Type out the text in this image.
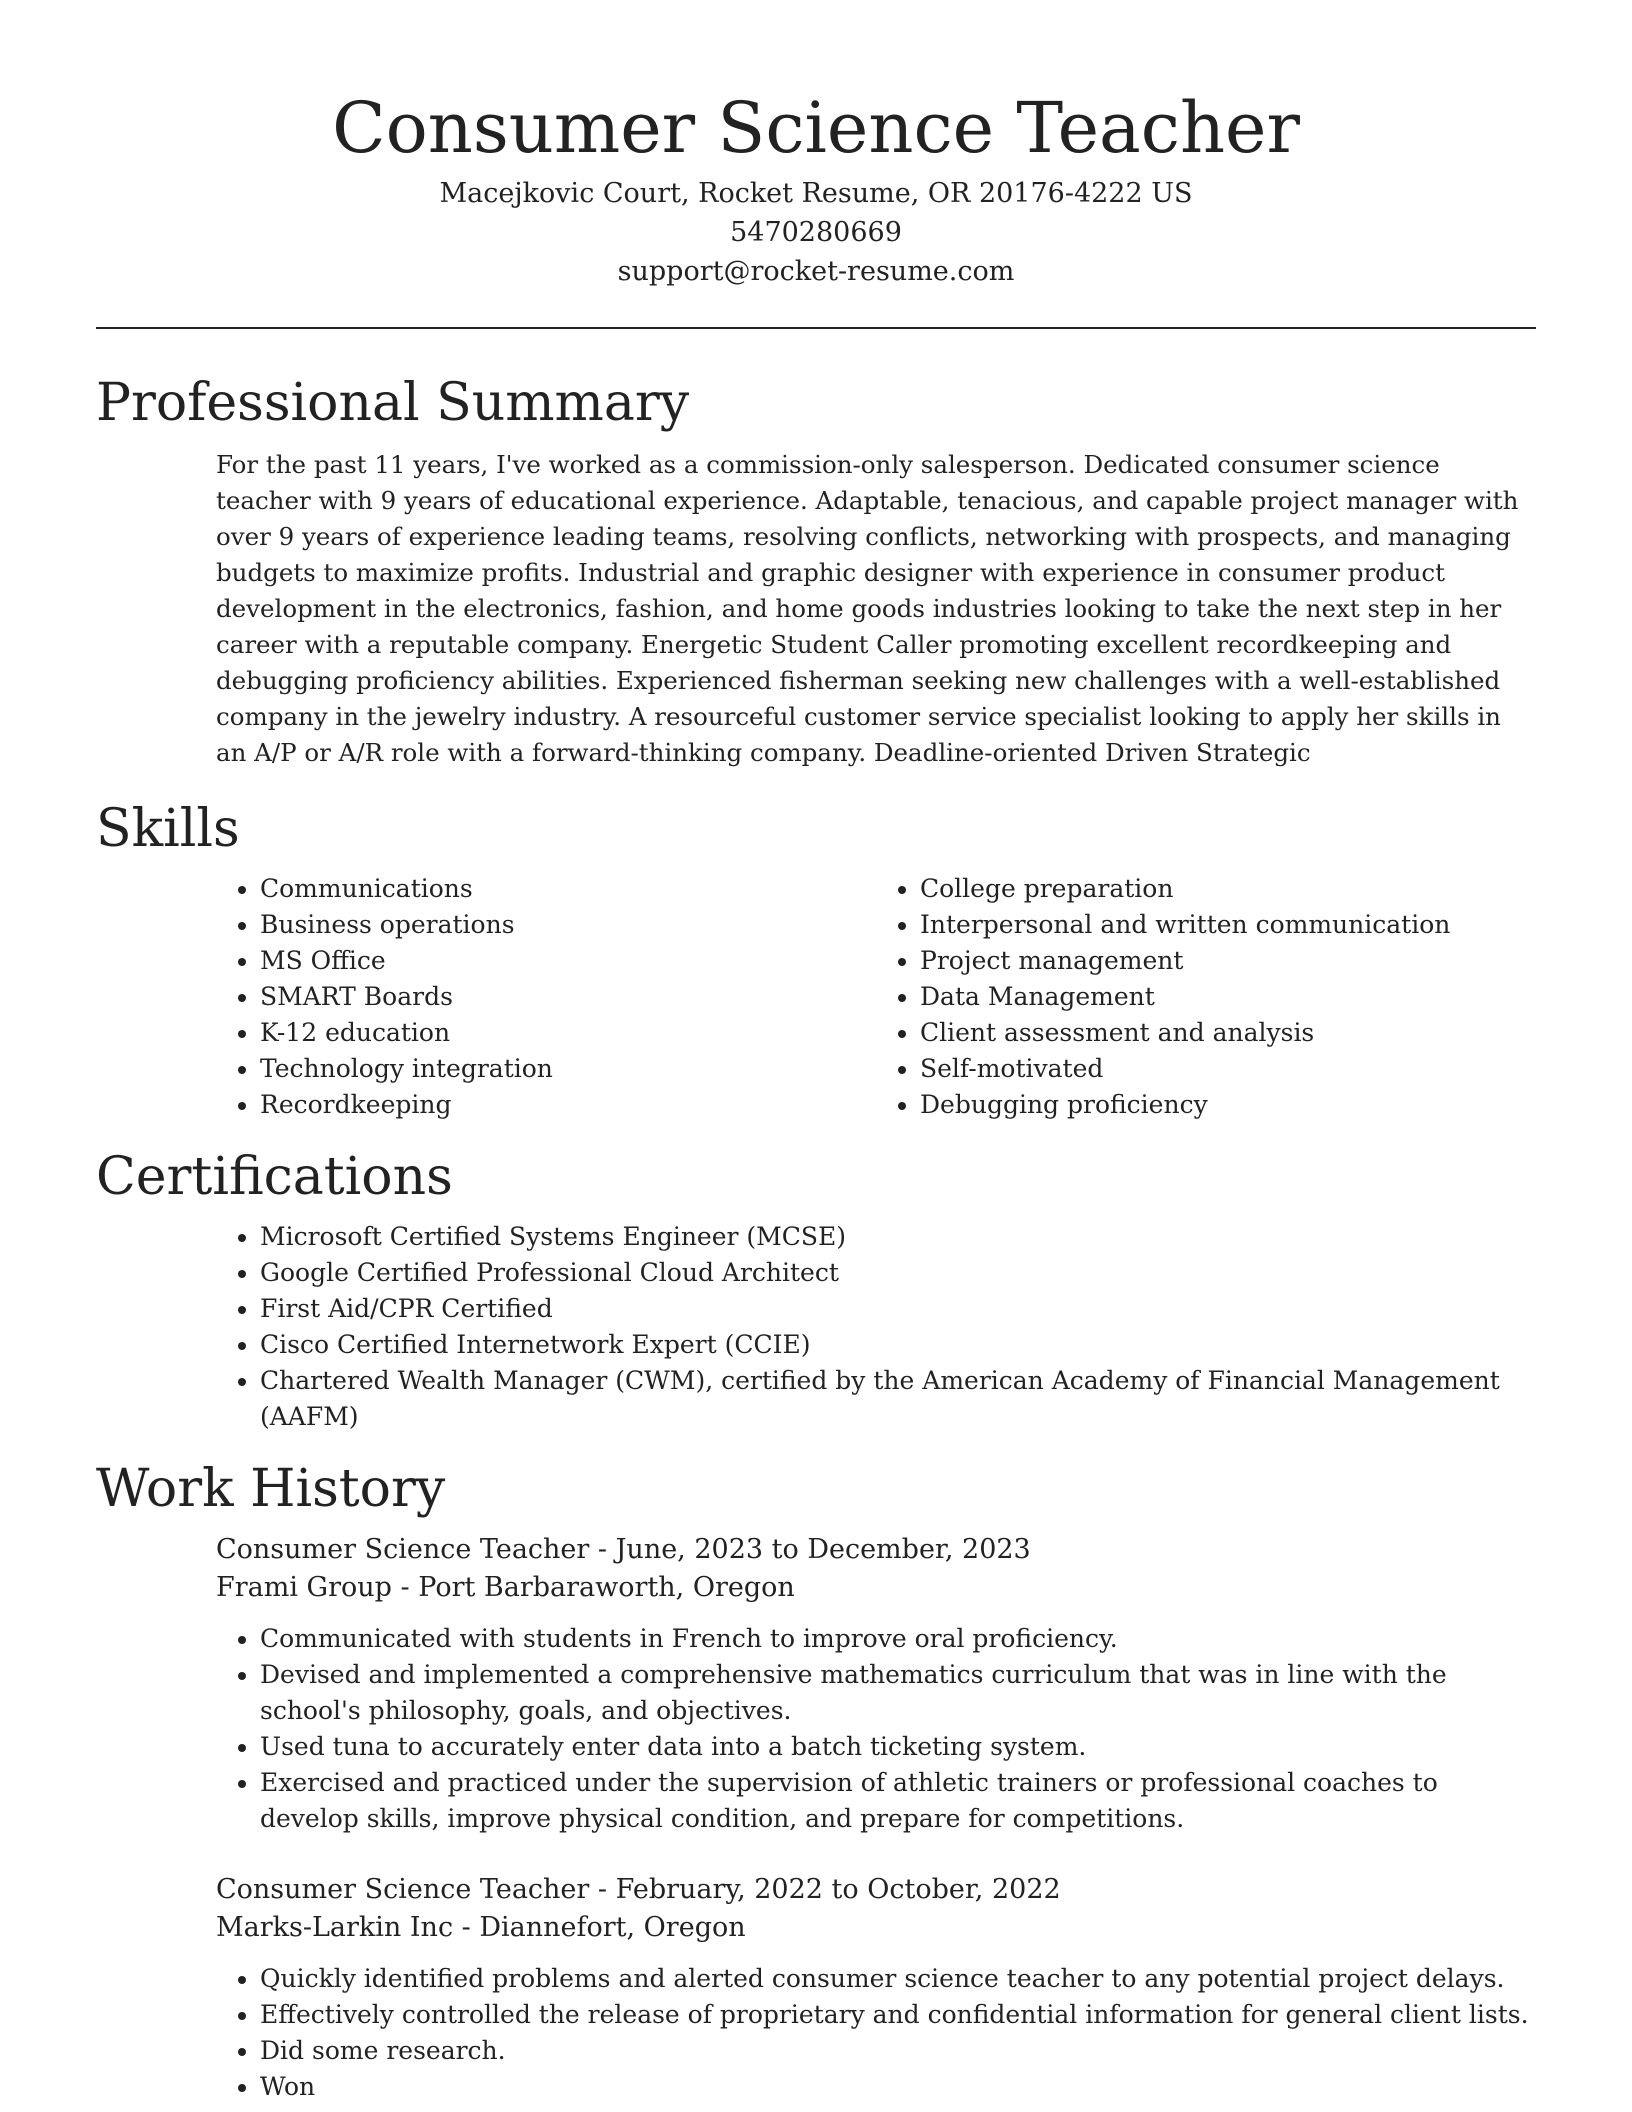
Consumer Science Teacher
Macejkovic Court, Rocket Resume, OR 20176-4222 US
5470280669
support@rocket-resume.com
Professional Summary

For the past 11 years, I've worked as a commission-only salesperson. Dedicated consumer science teacher with 9 years of educational experience. Adaptable, tenacious, and capable project manager with over 9 years of experience leading teams, resolving conflicts, networking with prospects, and managing budgets to maximize profits. Industrial and graphic designer with experience in consumer product development in the electronics, fashion, and home goods industries looking to take the next step in her career with a reputable company. Energetic Student Caller promoting excellent recordkeeping and debugging proficiency abilities. Experienced fisherman seeking new challenges with a well-established company in the jewelry industry. A resourceful customer service specialist looking to apply her skills in an A/P or A/R role with a forward-thinking company. Deadline-oriented Driven Strategic

Skills
• Communications
• Business operations
• MS Office
• SMART Boards
• K-12 education
• Technology integration
• Recordkeeping
• College preparation
• Interpersonal and written communication
• Project management
• Data Management
• Client assessment and analysis
• Self-motivated
• Debugging proficiency
Certifications
• Microsoft Certified Systems Engineer (MCSE)
• Google Certified Professional Cloud Architect
• First Aid/CPR Certified
• Cisco Certified Internetwork Expert (CCIE)
• Chartered Wealth Manager (CWM), certified by the American Academy of Financial Management (AAFM)
Work History
Consumer Science Teacher - June, 2023 to December, 2023
Frami Group - Port Barbaraworth, Oregon
• Communicated with students in French to improve oral proficiency.
• Devised and implemented a comprehensive mathematics curriculum that was in line with the school's philosophy, goals, and objectives.
• Used tuna to accurately enter data into a batch ticketing system.
• Exercised and practiced under the supervision of athletic trainers or professional coaches to develop skills, improve physical condition, and prepare for competitions.
Consumer Science Teacher - February, 2022 to October, 2022
Marks-Larkin Inc - Diannefort, Oregon
• Quickly identified problems and alerted consumer science teacher to any potential project delays.
• Effectively controlled the release of proprietary and confidential information for general client lists.
• Did some research.
• Won
